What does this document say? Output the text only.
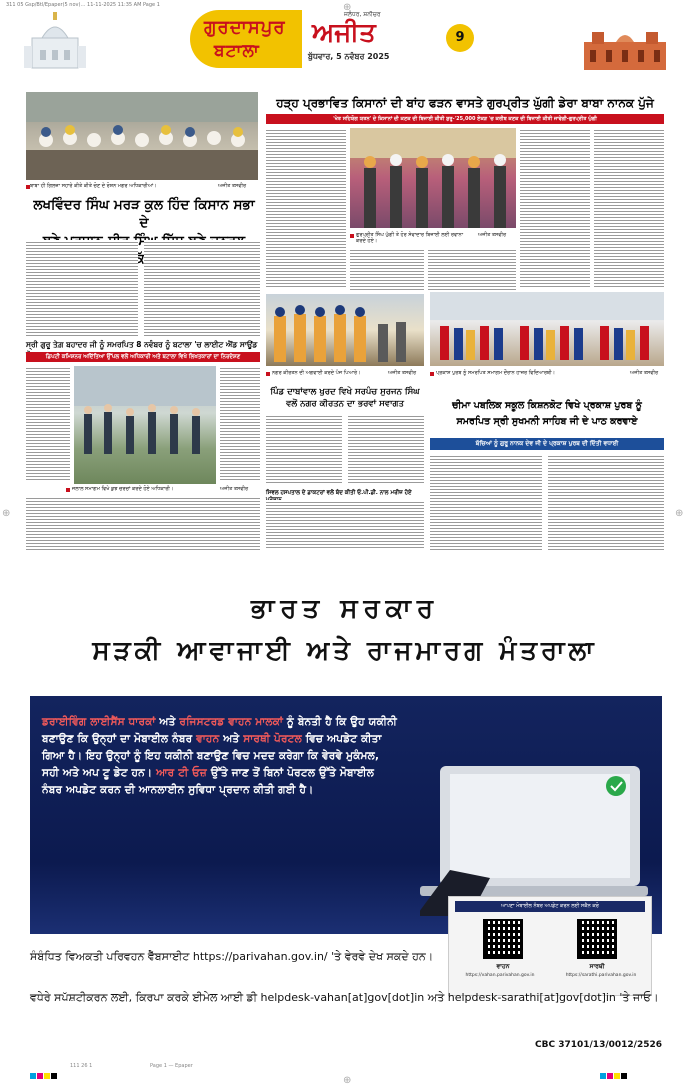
311 05 Gsp/Btl/Epaper(5 nov)… 11-11-2025 11:35 AM Page 1	⊕
⊕	⊕
⊕
ਗੁਰਦਾਸਪੁਰ
ਬਟਾਲਾ
ਜਲੰਧਰ, ਸ਼ਨੀਚਰ
ਅਜੀਤ
ਬੁੱਧਵਾਰ, 5 ਨਵੰਬਰ 2025
9
ਬਾਬਾ ਹੀ ਗਿਲਜ਼ਾ ਸਹਾਰੇ ਕੀਤੇ ਕੀਤੇ ਚੋਣ ਦੇ ਰੋਸ਼ਨ ਮਗਰ ਅਧਿਕਾਰੀਆਂ।	ਅਜੀਤ ਤਸਵੀਰ
ਲਖਵਿੰਦਰ ਸਿੰਘ ਮਰੜ ਕੁਲ ਹਿੰਦ ਕਿਸਾਨ ਸਭਾ ਦੇ
ਸ੍ਰੀ ਗੁਰੂ ਤੇਗ਼ ਬਹਾਦਰ ਜੀ ਨੂੰ ਸਮਰਪਿਤ 8 ਨਵੰਬਰ ਨੂੰ ਬਟਾਲਾ 'ਚ ਲਾਈਟ ਐਂਡ ਸਾਊਂਡ
ਡਿਪਟੀ ਕਮਿਸ਼ਨਰ ਅਦਿੱਤਿਆ ਉੱਪਲ ਵਲੋਂ ਅਧਿਕਾਰੀ ਅਤੇ ਬਟਾਲਾ ਵਿਖੇ ਲਿਖਤਕਾਰਾਂ ਦਾ ਨਿਰਦੇਸ਼ਣ
ਜਲਾਲ ਸਮਾਗਮ ਵਿਖੇ ਕੁਝ ਚਰਚਾਂ ਕਰਦੇ ਹੋਏ ਅਧਿਕਾਰੀ।	ਅਜੀਤ ਤਸਵੀਰ
ਹੜ੍ਹ ਪ੍ਰਭਾਵਿਤ ਕਿਸਾਨਾਂ ਦੀ ਬਾਂਹ ਫੜਨ ਵਾਸਤੇ ਗੁਰਪ੍ਰੀਤ ਘੁੱਗੀ ਡੇਰਾ ਬਾਬਾ ਨਾਨਕ ਪੁੱਜੇ
'ਖੇਤ ਸਹਿਯੋਗ ਯਤਨ' ਦੇ ਕਿਸਾਨਾਂ ਦੀ ਕਣਕ ਦੀ ਬਿਜਾਈ ਕੀਤੀ ਸ਼ੁਰੂ-'25,000 ਏਕੜ 'ਚ ਕਰੀਬ ਕਣਕ ਦੀ ਬਿਜਾਈ ਕੀਤੀ ਜਾਵੇਗੀ-ਗੁਰਪ੍ਰੀਤ ਘੁੱਗੀ
ਗੁਰਪ੍ਰੀਤ ਸਿੰਘ ਘੁੱਗੀ ਤੇ ਹੋਰ ਸੇਵਾਦਾਰ ਬਿਜਾਈ ਲਈ ਰਵਾਨਾ ਕਰਦੇ ਹੋਏ।
ਅਜੀਤ ਤਸਵੀਰ
ਨਗਰ ਕੀਰਤਨ ਦੀ ਅਗਵਾਈ ਕਰਦੇ ਪੰਜ ਪਿਆਰੇ।	ਅਜੀਤ ਤਸਵੀਰ
ਪਿੰਡ ਦਾਬਾਂਵਾਲ ਖੁਰਦ ਵਿਖੇ ਸਰਪੰਚ ਸੁਰਜਨ ਸਿੰਘ
ਵਲੋਂ ਨਗਰ ਕੀਰਤਨ ਦਾ ਭਰਵਾਂ ਸਵਾਗਤ
ਸਿਵਲ ਹਸਪਤਾਲ ਦੇ ਡਾਕਟਰਾਂ ਵਲੋਂ ਬੰਦ ਕੀਤੀ ਓ.ਪੀ.ਡੀ. ਨਾਲ ਮਰੀਜ਼ ਹੋਏ
ਪ੍ਰਕਾਸ਼ ਪੁਰਬ ਨੂੰ ਸਮਰਪਿਤ ਸਮਾਗਮ ਦੌਰਾਨ ਹਾਜ਼ਰ ਵਿਦਿਆਰਥੀ।	ਅਜੀਤ ਤਸਵੀਰ
ਚੀਮਾ ਪਬਲਿਕ ਸਕੂਲ ਕਿਸ਼ਨਕੋਟ ਵਿਖੇ ਪ੍ਰਕਾਸ਼ ਪੁਰਬ ਨੂੰ
ਸਮਰਪਿਤ ਸ੍ਰੀ ਸੁਖਮਨੀ ਸਾਹਿਬ ਜੀ ਦੇ ਪਾਠ ਕਰਵਾਏ
ਬੱਚਿਆਂ ਨੂੰ ਗੁਰੂ ਨਾਨਕ ਦੇਵ ਜੀ ਦੇ ਪ੍ਰਕਾਸ਼ ਪੁਰਬ ਦੀ ਦਿੱਤੀ ਵਧਾਈ
ਭਾਰਤ ਸਰਕਾਰ
ਸੜਕੀ ਆਵਾਜਾਈ ਅਤੇ ਰਾਜਮਾਰਗ ਮੰਤਰਾਲਾ
ਡਰਾਈਵਿੰਗ ਲਾਈਸੈਂਸ ਧਾਰਕਾਂ ਅਤੇ ਰਜਿਸਟਰਡ ਵਾਹਨ ਮਾਲਕਾਂ ਨੂੰ ਬੇਨਤੀ ਹੈ ਕਿ ਉਹ ਯਕੀਨੀ ਬਣਾਉਣ ਕਿ ਉਨ੍ਹਾਂ ਦਾ ਮੋਬਾਈਲ ਨੰਬਰ ਵਾਹਨ ਅਤੇ ਸਾਰਥੀ ਪੋਰਟਲ ਵਿਚ ਅਪਡੇਟ ਕੀਤਾ ਗਿਆ ਹੈ। ਇਹ ਉਨ੍ਹਾਂ ਨੂੰ ਇਹ ਯਕੀਨੀ ਬਣਾਉਣ ਵਿਚ ਮਦਦ ਕਰੇਗਾ ਕਿ ਵੇਰਵੇ ਮੁਕੰਮਲ, ਸਹੀ ਅਤੇ ਅਪ ਟੂ ਡੇਟ ਹਨ। ਆਰ ਟੀ ਓਜ਼ ਉੱਤੇ ਜਾਣ ਤੋਂ ਬਿਨਾਂ ਪੋਰਟਲ ਉੱਤੇ ਮੋਬਾਈਲ ਨੰਬਰ ਅਪਡੇਟ ਕਰਨ ਦੀ ਆਨਲਾਈਨ ਸੁਵਿਧਾ ਪ੍ਰਦਾਨ ਕੀਤੀ ਗਈ ਹੈ।
ਆਪਣਾ ਮੋਬਾਈਲ ਨੰਬਰ ਅਪਡੇਟ ਕਰਨ ਲਈ ਸਕੈਨ ਕਰੋ
ਵਾਹਨ	ਸਾਰਥੀ
https://vahan.parivahan.gov.in	https://sarathi.parivahan.gov.in
ਸੰਬੰਧਿਤ ਵਿਅਕਤੀ ਪਰਿਵਹਨ ਵੈੱਬਸਾਈਟ https://parivahan.gov.in/ 'ਤੇ ਵੇਰਵੇ ਦੇਖ ਸਕਦੇ ਹਨ।
ਵਧੇਰੇ ਸਪੱਸ਼ਟੀਕਰਨ ਲਈ, ਕਿਰਪਾ ਕਰਕੇ ਈਮੇਲ ਆਈ ਡੀ helpdesk-vahan[at]gov[dot]in ਅਤੇ helpdesk-sarathi[at]gov[dot]in 'ਤੇ ਜਾਓ।
CBC 37101/13/0012/2526
111 26 1	Page 1 — Epaper
